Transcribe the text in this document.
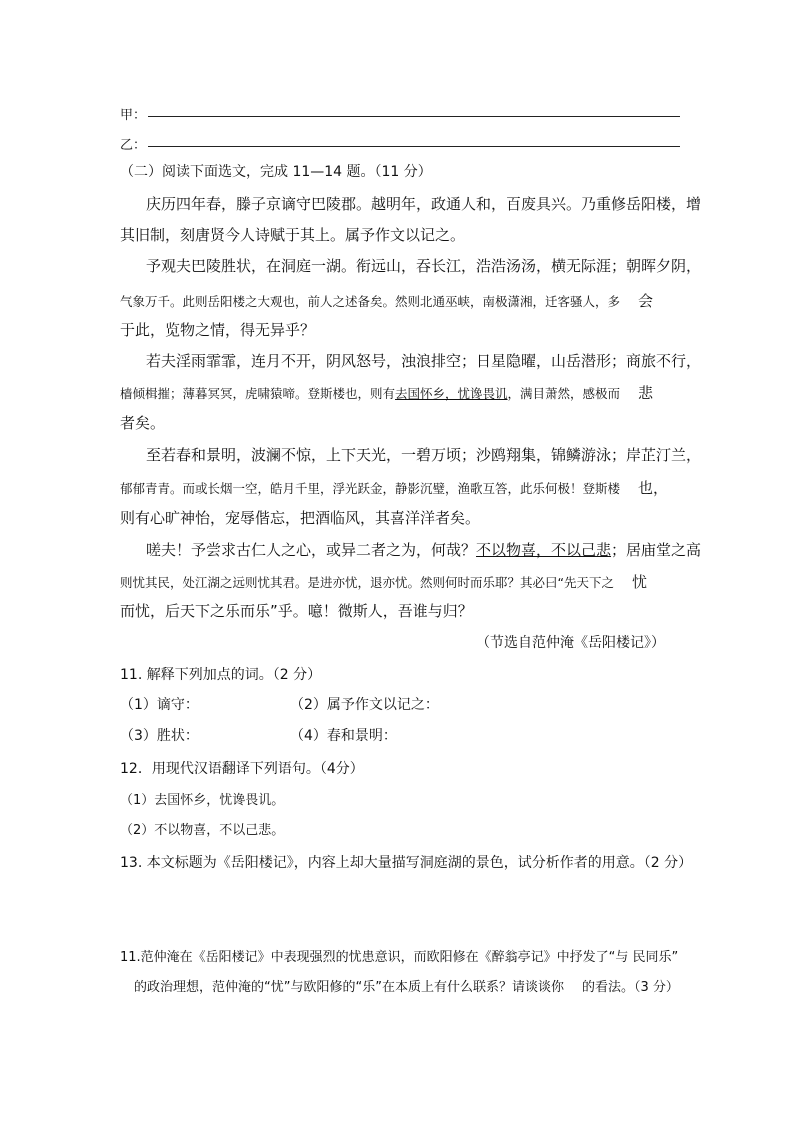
甲：
乙：
（二）阅读下面选文，完成 11—14 题。（11 分）
庆历四年春，滕子京谪守巴陵郡。越明年，政通人和，百废具兴。乃重修岳阳楼，增
其旧制，刻唐贤今人诗赋于其上。属予作文以记之。
予观夫巴陵胜状，在洞庭一湖。衔远山，吞长江，浩浩汤汤，横无际涯；朝晖夕阴，
气象万千。此则岳阳楼之大观也，前人之述备矣。然则北通巫峡，南极潇湘，迁客骚人，多 会
于此，览物之情，得无异乎？
若夫淫雨霏霏，连月不开，阴风怒号，浊浪排空；日星隐曜，山岳潜形；商旅不行，
樯倾楫摧；薄暮冥冥，虎啸猿啼。登斯楼也，则有去国怀乡，忧谗畏讥，满目萧然，感极而 悲
者矣。
至若春和景明，波澜不惊，上下天光，一碧万顷；沙鸥翔集，锦鳞游泳；岸芷汀兰，
郁郁青青。而或长烟一空，皓月千里，浮光跃金，静影沉璧，渔歌互答，此乐何极！登斯楼 也，
则有心旷神怡，宠辱偕忘，把酒临风，其喜洋洋者矣。
嗟夫！予尝求古仁人之心，或异二者之为，何哉？不以物喜，不以己悲；居庙堂之高
则忧其民，处江湖之远则忧其君。是进亦忧，退亦忧。然则何时而乐耶？其必曰“先天下之 忧
而忧，后天下之乐而乐”乎。噫！微斯人，吾谁与归？
（节选自范仲淹《岳阳楼记》）
11. 解释下列加点的词。（2 分）
（1）谪守：	（2）属予作文以记之：
（3）胜状：	（4）春和景明：
12．用现代汉语翻译下列语句。（4分）
（1）去国怀乡，忧谗畏讥。
（2）不以物喜，不以己悲。
13. 本文标题为《岳阳楼记》，内容上却大量描写洞庭湖的景色，试分析作者的用意。（2 分）
11.范仲淹在《岳阳楼记》中表现强烈的忧患意识，而欧阳修在《醉翁亭记》中抒发了“与 民同乐”
的政治理想，范仲淹的“忧”与欧阳修的“乐”在本质上有什么联系？请谈谈你 的看法。（3 分）
